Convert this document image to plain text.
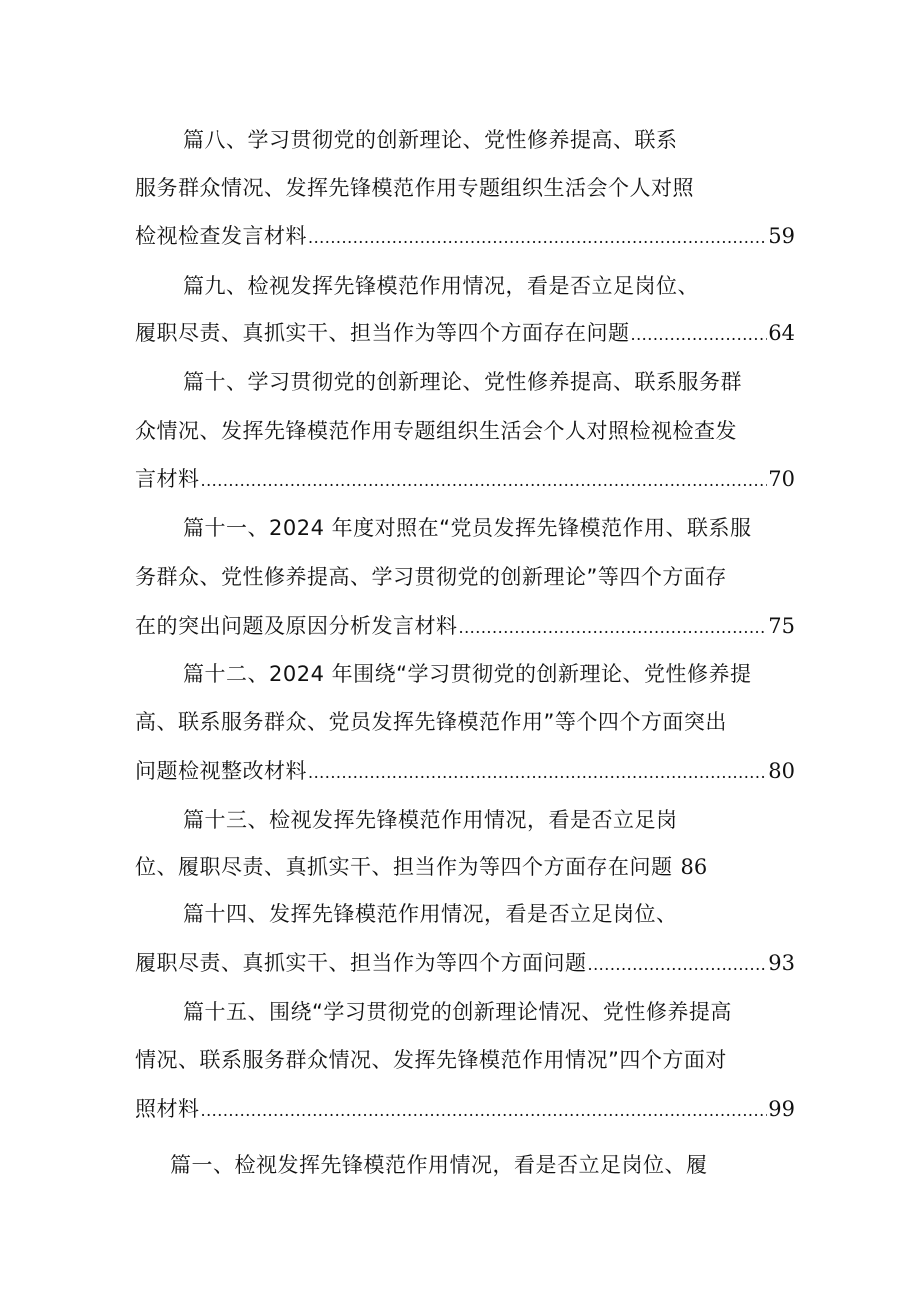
篇八、学习贯彻党的创新理论、党性修养提高、联系
服务群众情况、发挥先锋模范作用专题组织生活会个人对照
检视检查发言材料 .....	59
篇九、检视发挥先锋模范作用情况，看是否立足岗位、
履职尽责、真抓实干、担当作为等四个方面存在问题 .....	64
篇十、学习贯彻党的创新理论、党性修养提高、联系服务群
众情况、发挥先锋模范作用专题组织生活会个人对照检视检查发
言材料 .....	70
篇十一、2024 年度对照在“党员发挥先锋模范作用、联系服
务群众、党性修养提高、学习贯彻党的创新理论”等四个方面存
在的突出问题及原因分析发言材料 .....	75
篇十二、2024 年围绕“学习贯彻党的创新理论、党性修养提
高、联系服务群众、党员发挥先锋模范作用”等个四个方面突出
问题检视整改材料 .....	80
篇十三、检视发挥先锋模范作用情况，看是否立足岗
位、履职尽责、真抓实干、担当作为等四个方面存在问题 86
篇十四、发挥先锋模范作用情况，看是否立足岗位、
履职尽责、真抓实干、担当作为等四个方面问题 .....	93
篇十五、围绕“学习贯彻党的创新理论情况、党性修养提高
情况、联系服务群众情况、发挥先锋模范作用情况”四个方面对
照材料 .....	99
篇一、检视发挥先锋模范作用情况，看是否立足岗位、履
